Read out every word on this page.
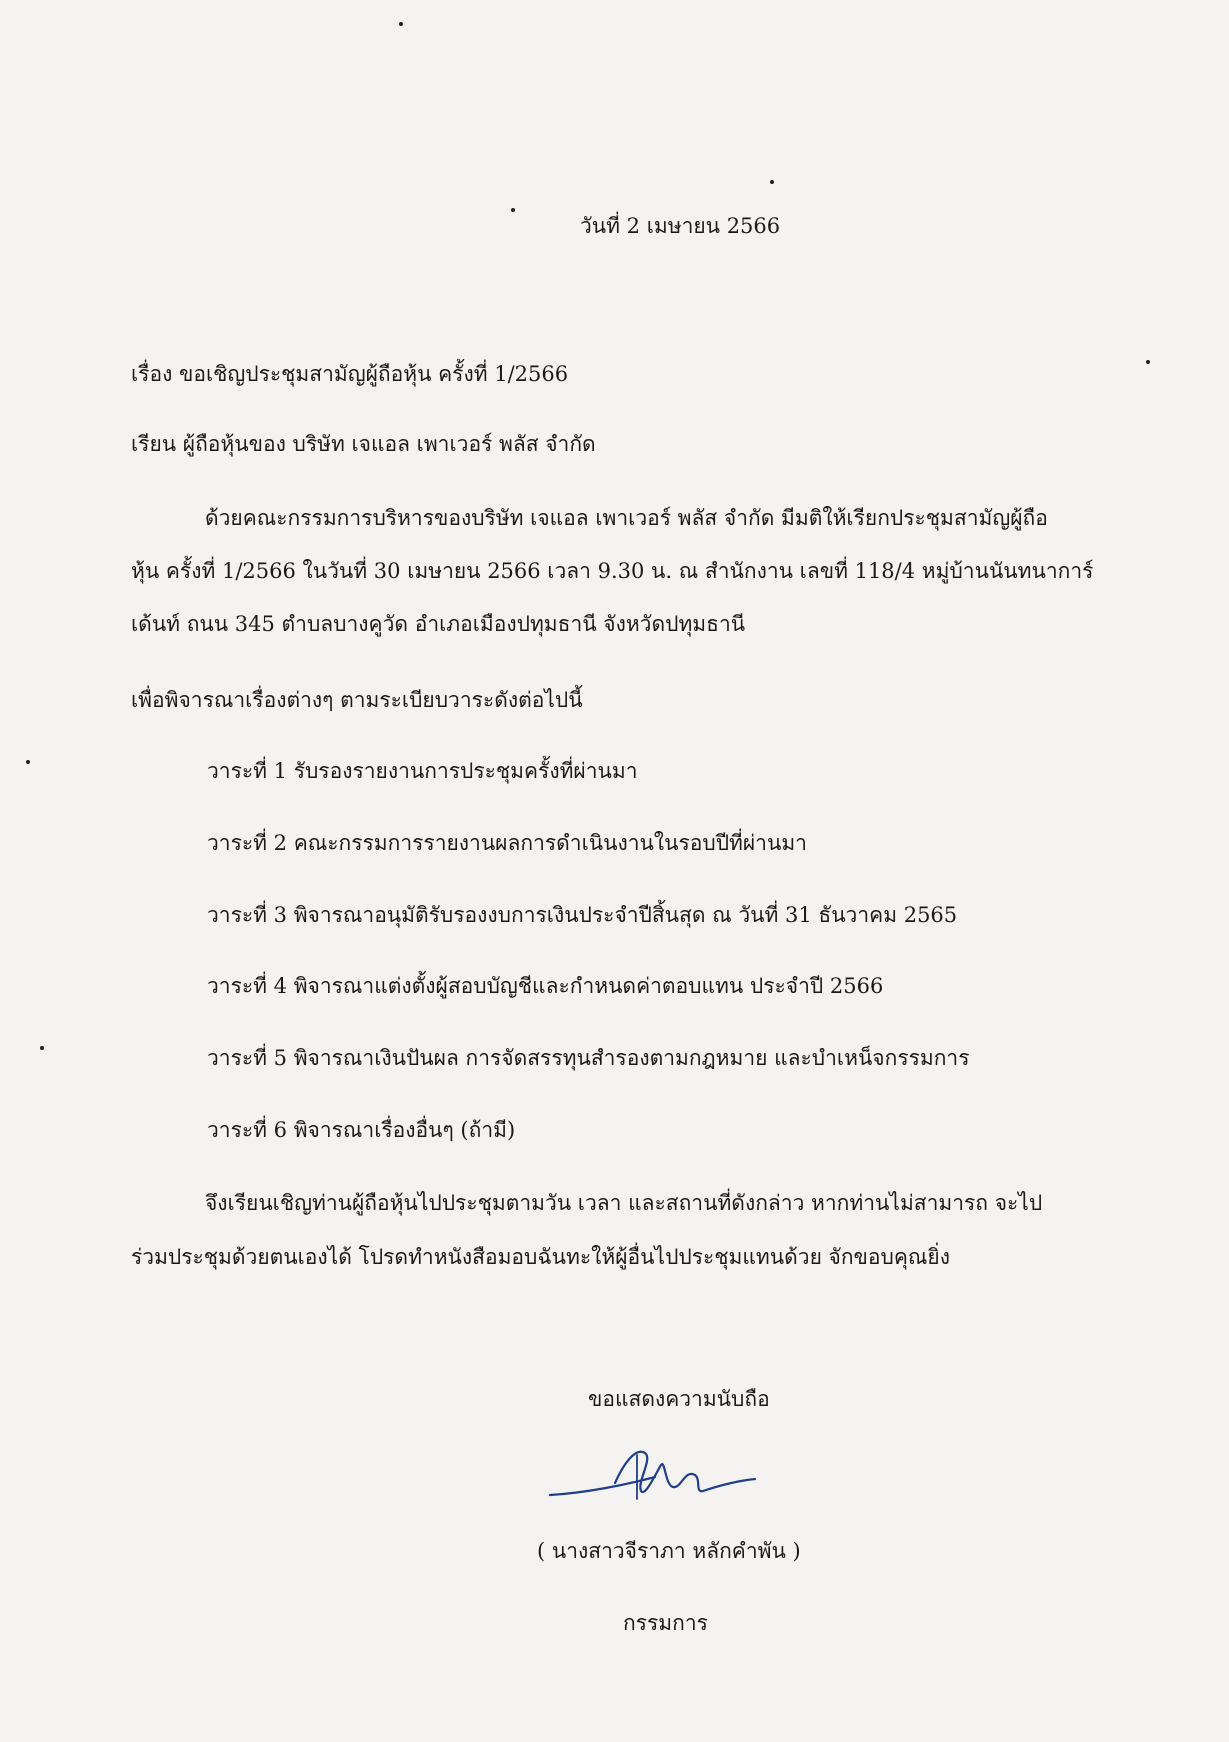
วันที่ 2 เมษายน 2566
เรื่อง ขอเชิญประชุมสามัญผู้ถือหุ้น ครั้งที่ 1/2566
เรียน ผู้ถือหุ้นของ บริษัท เจแอล เพาเวอร์ พลัส จำกัด
ด้วยคณะกรรมการบริหารของบริษัท เจแอล เพาเวอร์ พลัส จำกัด มีมติให้เรียกประชุมสามัญผู้ถือ
หุ้น ครั้งที่ 1/2566 ในวันที่ 30 เมษายน 2566 เวลา 9.30 น. ณ สำนักงาน เลขที่ 118/4 หมู่บ้านนันทนาการ์
เด้นท์ ถนน 345 ตำบลบางคูวัด อำเภอเมืองปทุมธานี จังหวัดปทุมธานี
เพื่อพิจารณาเรื่องต่างๆ ตามระเบียบวาระดังต่อไปนี้
วาระที่ 1 รับรองรายงานการประชุมครั้งที่ผ่านมา
วาระที่ 2 คณะกรรมการรายงานผลการดำเนินงานในรอบปีที่ผ่านมา
วาระที่ 3 พิจารณาอนุมัติรับรองงบการเงินประจำปีสิ้นสุด ณ วันที่ 31 ธันวาคม 2565
วาระที่ 4 พิจารณาแต่งตั้งผู้สอบบัญชีและกำหนดค่าตอบแทน ประจำปี 2566
วาระที่ 5 พิจารณาเงินปันผล การจัดสรรทุนสำรองตามกฎหมาย และบำเหน็จกรรมการ
วาระที่ 6 พิจารณาเรื่องอื่นๆ (ถ้ามี)
จึงเรียนเชิญท่านผู้ถือหุ้นไปประชุมตามวัน เวลา และสถานที่ดังกล่าว หากท่านไม่สามารถ จะไป
ร่วมประชุมด้วยตนเองได้ โปรดทำหนังสือมอบฉันทะให้ผู้อื่นไปประชุมแทนด้วย จักขอบคุณยิ่ง
ขอแสดงความนับถือ
( นางสาวจีราภา หลักคำพัน )
กรรมการ
